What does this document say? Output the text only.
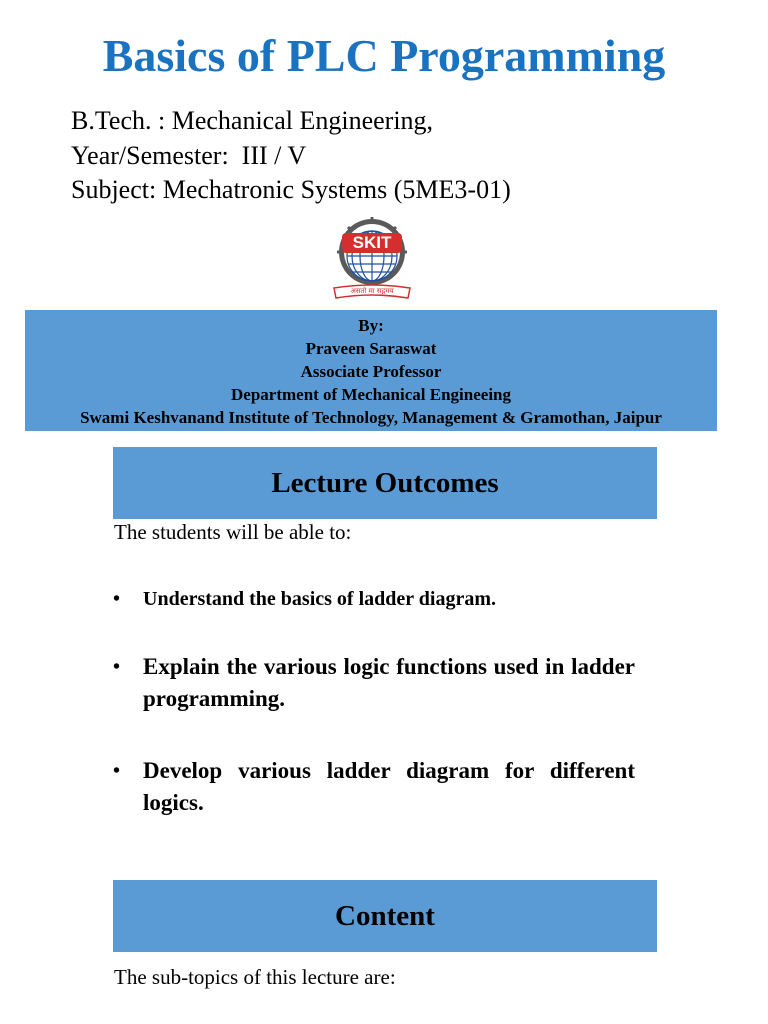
Basics of PLC Programming
B.Tech. : Mechanical Engineering,
Year/Semester:  III / V
Subject: Mechatronic Systems (5ME3-01)
SKIT
असतो मा सद्गमय
By:
Praveen Saraswat
Associate Professor
Department of Mechanical Engineeing
Swami Keshvanand Institute of Technology, Management & Gramothan, Jaipur
Lecture Outcomes
The students will be able to:
•	Understand the basics of ladder diagram.
• Explain the various logic functions used in ladder programming.
• Develop various ladder diagram for different logics.
Content
The sub-topics of this lecture are:
